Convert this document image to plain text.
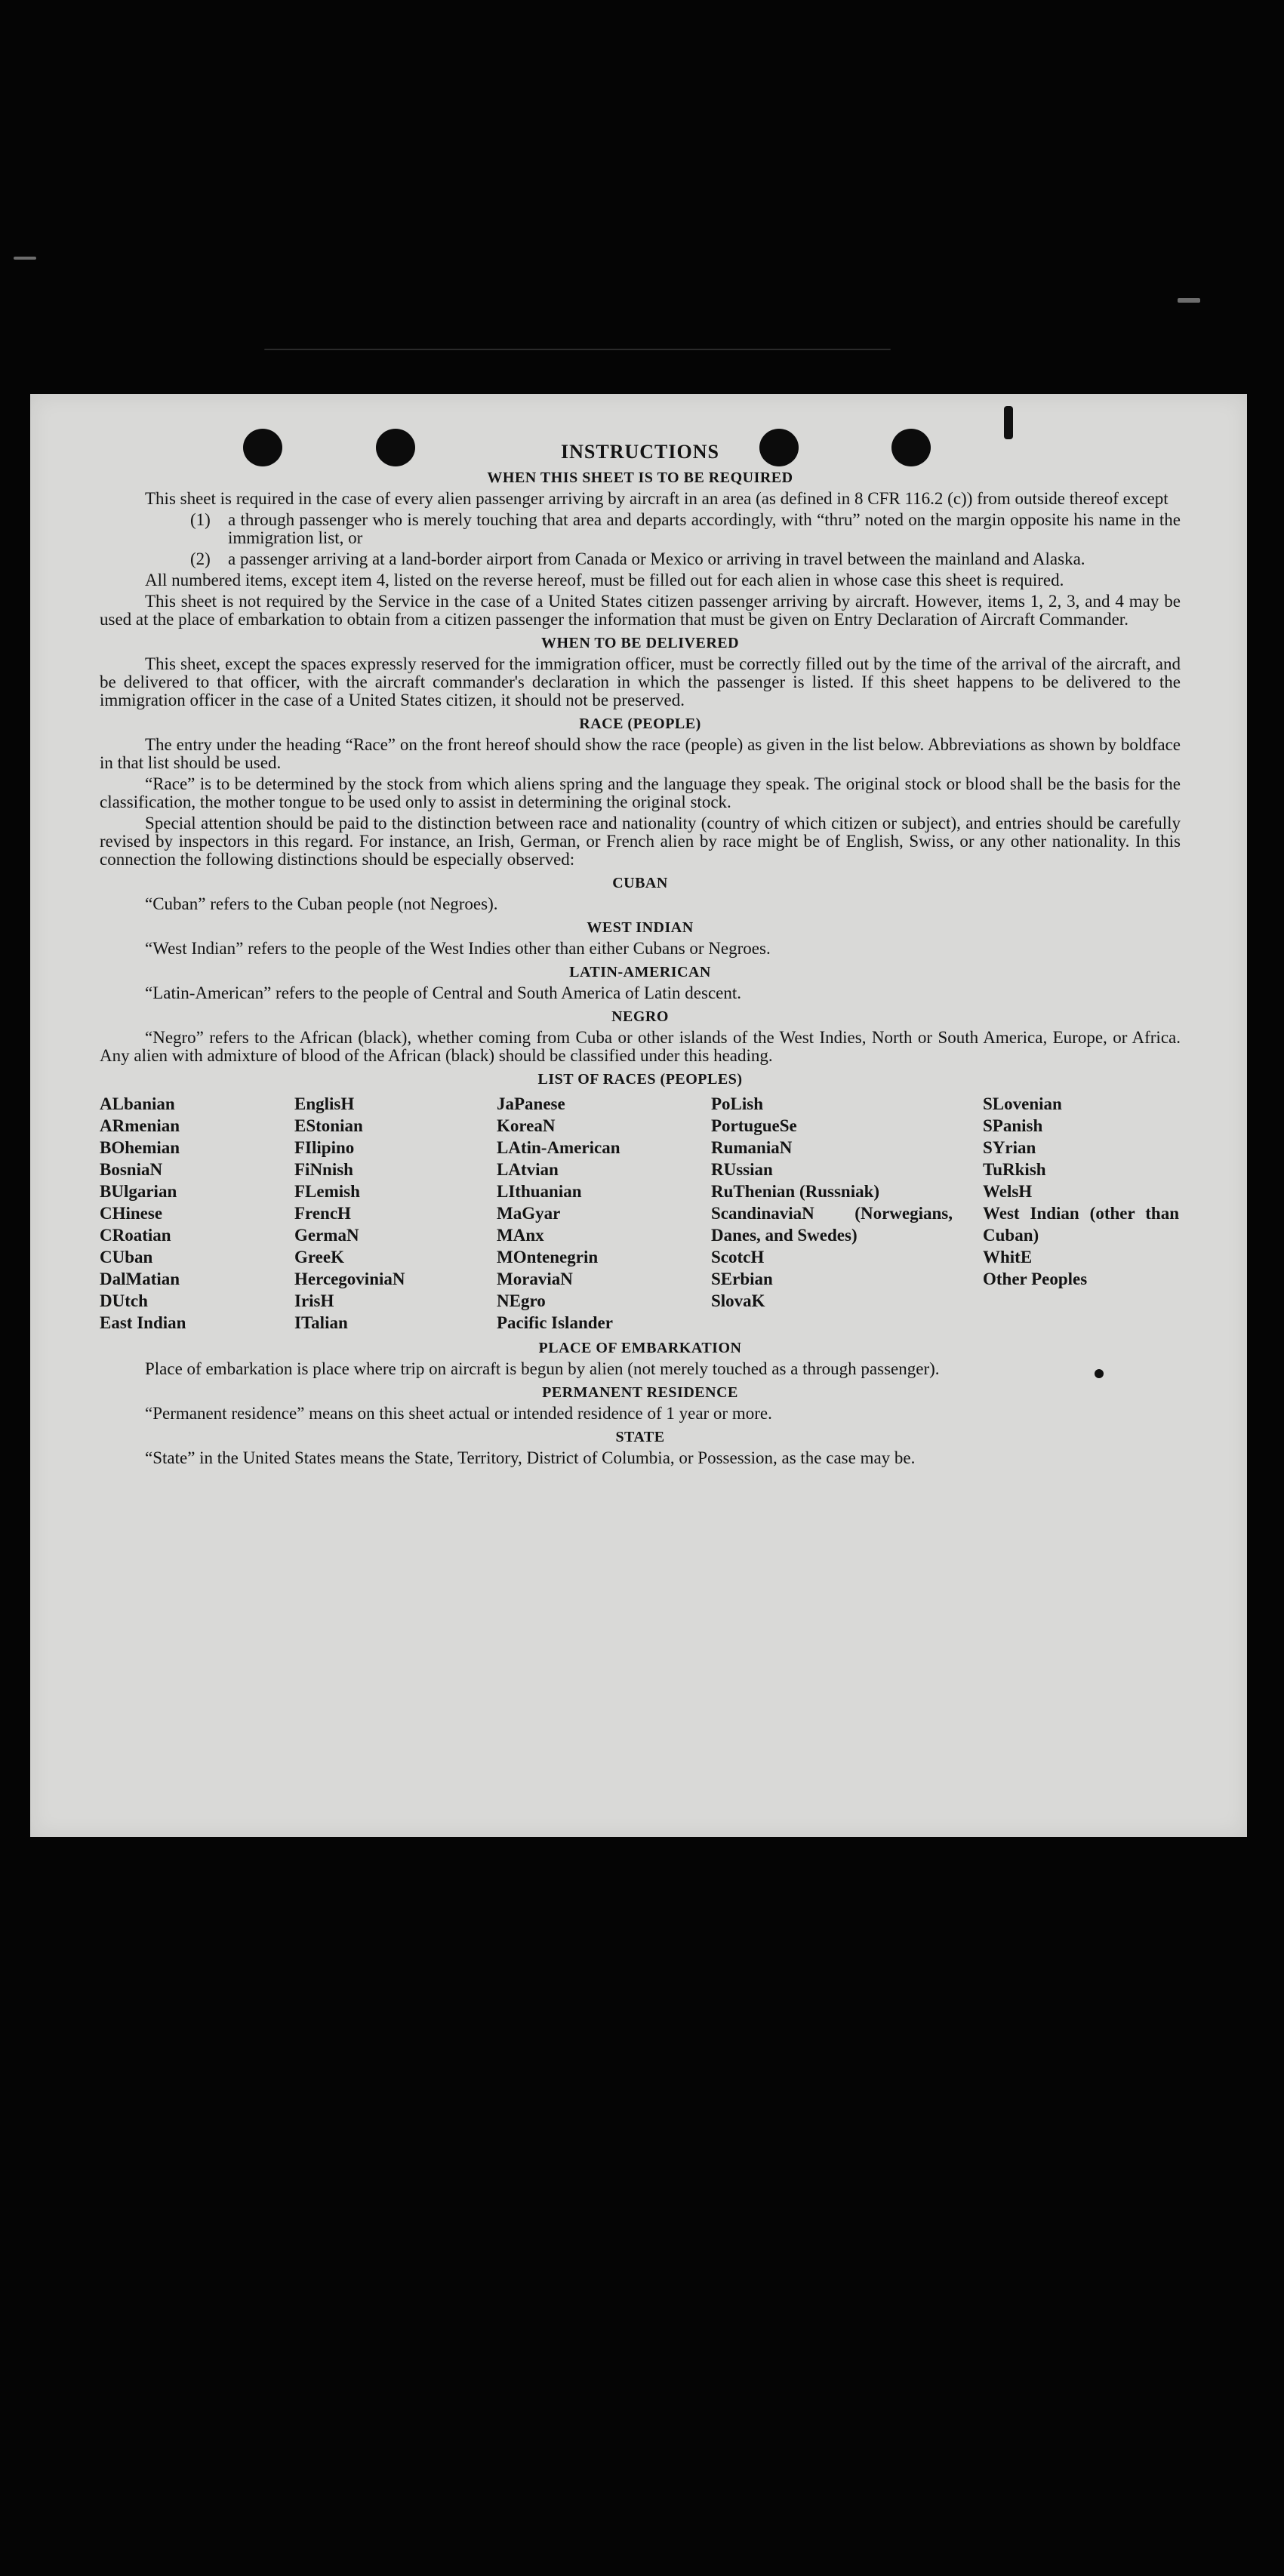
INSTRUCTIONS
WHEN THIS SHEET IS TO BE REQUIRED

This sheet is required in the case of every alien passenger arriving by aircraft in an area (as defined in 8 CFR 116.2 (c)) from outside thereof except

(1)	a through passenger who is merely touching that area and departs accordingly, with “thru” noted on the margin opposite his name in the immigration list, or
(2)	a passenger arriving at a land-border airport from Canada or Mexico or arriving in travel between the mainland and Alaska.

All numbered items, except item 4, listed on the reverse hereof, must be filled out for each alien in whose case this sheet is required.

This sheet is not required by the Service in the case of a United States citizen passenger arriving by aircraft. However, items 1, 2, 3, and 4 may be used at the place of embarkation to obtain from a citizen passenger the information that must be given on Entry Declaration of Aircraft Commander.

WHEN TO BE DELIVERED

This sheet, except the spaces expressly reserved for the immigration officer, must be correctly filled out by the time of the arrival of the aircraft, and be delivered to that officer, with the aircraft commander's declaration in which the passenger is listed. If this sheet happens to be delivered to the immigration officer in the case of a United States citizen, it should not be preserved.

RACE (PEOPLE)

The entry under the heading “Race” on the front hereof should show the race (people) as given in the list below. Abbreviations as shown by boldface in that list should be used.

“Race” is to be determined by the stock from which aliens spring and the language they speak. The original stock or blood shall be the basis for the classification, the mother tongue to be used only to assist in determining the original stock.

Special attention should be paid to the distinction between race and nationality (country of which citizen or subject), and entries should be carefully revised by inspectors in this regard. For instance, an Irish, German, or French alien by race might be of English, Swiss, or any other nationality. In this connection the following distinctions should be especially observed:

CUBAN

“Cuban” refers to the Cuban people (not Negroes).

WEST INDIAN

“West Indian” refers to the people of the West Indies other than either Cubans or Negroes.

LATIN-AMERICAN

“Latin-American” refers to the people of Central and South America of Latin descent.

NEGRO

“Negro” refers to the African (black), whether coming from Cuba or other islands of the West Indies, North or South America, Europe, or Africa. Any alien with admixture of blood of the African (black) should be classified under this heading.

LIST OF RACES (PEOPLES)
ALbanian
ARmenian
BOhemian
BosniaN
BUlgarian
CHinese
CRoatian
CUban
DalMatian
DUtch
East Indian
EnglisH
EStonian
FIlipino
FiNnish
FLemish
FrencH
GermaN
GreeK
HercegoviniaN
IrisH
ITalian
JaPanese
KoreaN
LAtin-American
LAtvian
LIthuanian
MaGyar
MAnx
MOntenegrin
MoraviaN
NEgro
Pacific Islander
PoLish
PortugueSe
RumaniaN
RUssian
RuThenian (Russniak)
ScandinaviaN (Norwegians, Danes, and Swedes)
ScotcH
SErbian
SlovaK
SLovenian
SPanish
SYrian
TuRkish
WelsH
West Indian (other than Cuban)
WhitE
Other Peoples
PLACE OF EMBARKATION

Place of embarkation is place where trip on aircraft is begun by alien (not merely touched as a through passenger).

PERMANENT RESIDENCE

“Permanent residence” means on this sheet actual or intended residence of 1 year or more.

STATE

“State” in the United States means the State, Territory, District of Columbia, or Possession, as the case may be.
